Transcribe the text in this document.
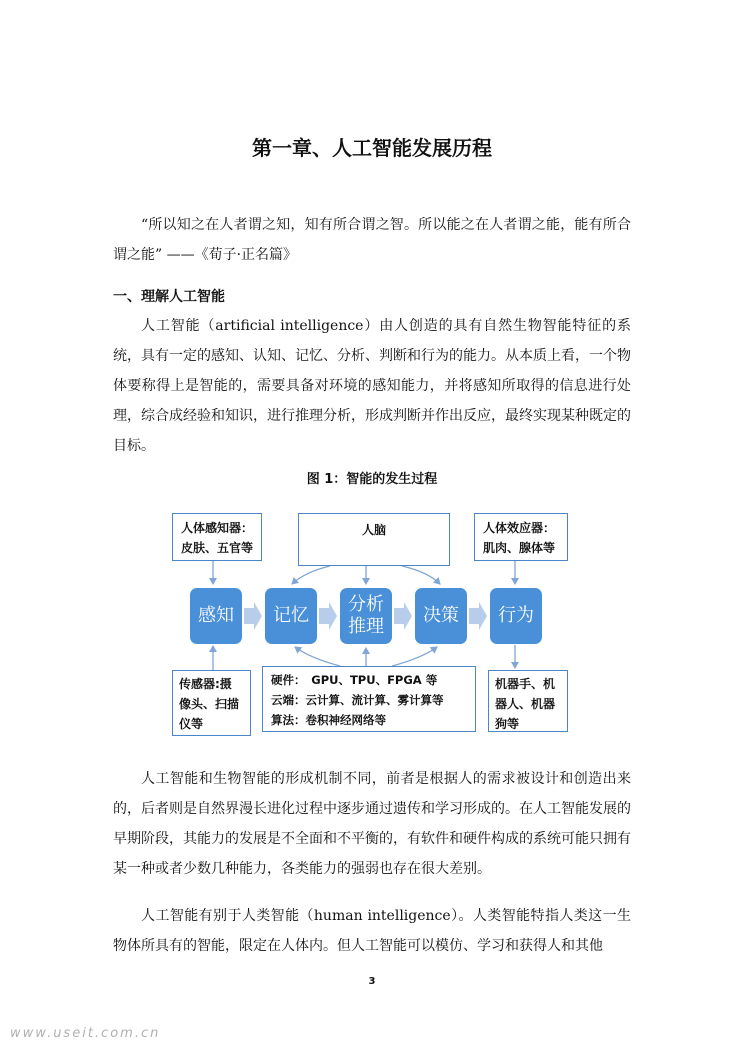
第一章、人工智能发展历程

“所以知之在人者谓之知，知有所合谓之智。所以能之在人者谓之能，能有所合谓之能” ——《荀子·正名篇》

一、理解人工智能

人工智能（artificial intelligence）由人创造的具有自然生物智能特征的系统，具有一定的感知、认知、记忆、分析、判断和行为的能力。从本质上看，一个物体要称得上是智能的，需要具备对环境的感知能力，并将感知所取得的信息进行处理，综合成经验和知识，进行推理分析，形成判断并作出反应，最终实现某种既定的目标。

图 1：智能的发生过程
人体感知器：
皮肤、五官等
人脑	人体效应器：
肌肉、腺体等
感知 记忆
分析
推理
决策 行为
传感器:摄
像头、扫描
仪等
硬件：　GPU、TPU、FPGA 等
云端：云计算、流计算、雾计算等
算法：卷积神经网络等
机器手、机
器人、机器
狗等

人工智能和生物智能的形成机制不同，前者是根据人的需求被设计和创造出来的，后者则是自然界漫长进化过程中逐步通过遗传和学习形成的。在人工智能发展的早期阶段，其能力的发展是不全面和不平衡的，有软件和硬件构成的系统可能只拥有某一种或者少数几种能力，各类能力的强弱也存在很大差别。

人工智能有别于人类智能（human intelligence）。人类智能特指人类这一生物体所具有的智能，限定在人体内。但人工智能可以模仿、学习和获得人和其他

3
www.useit.com.cn
